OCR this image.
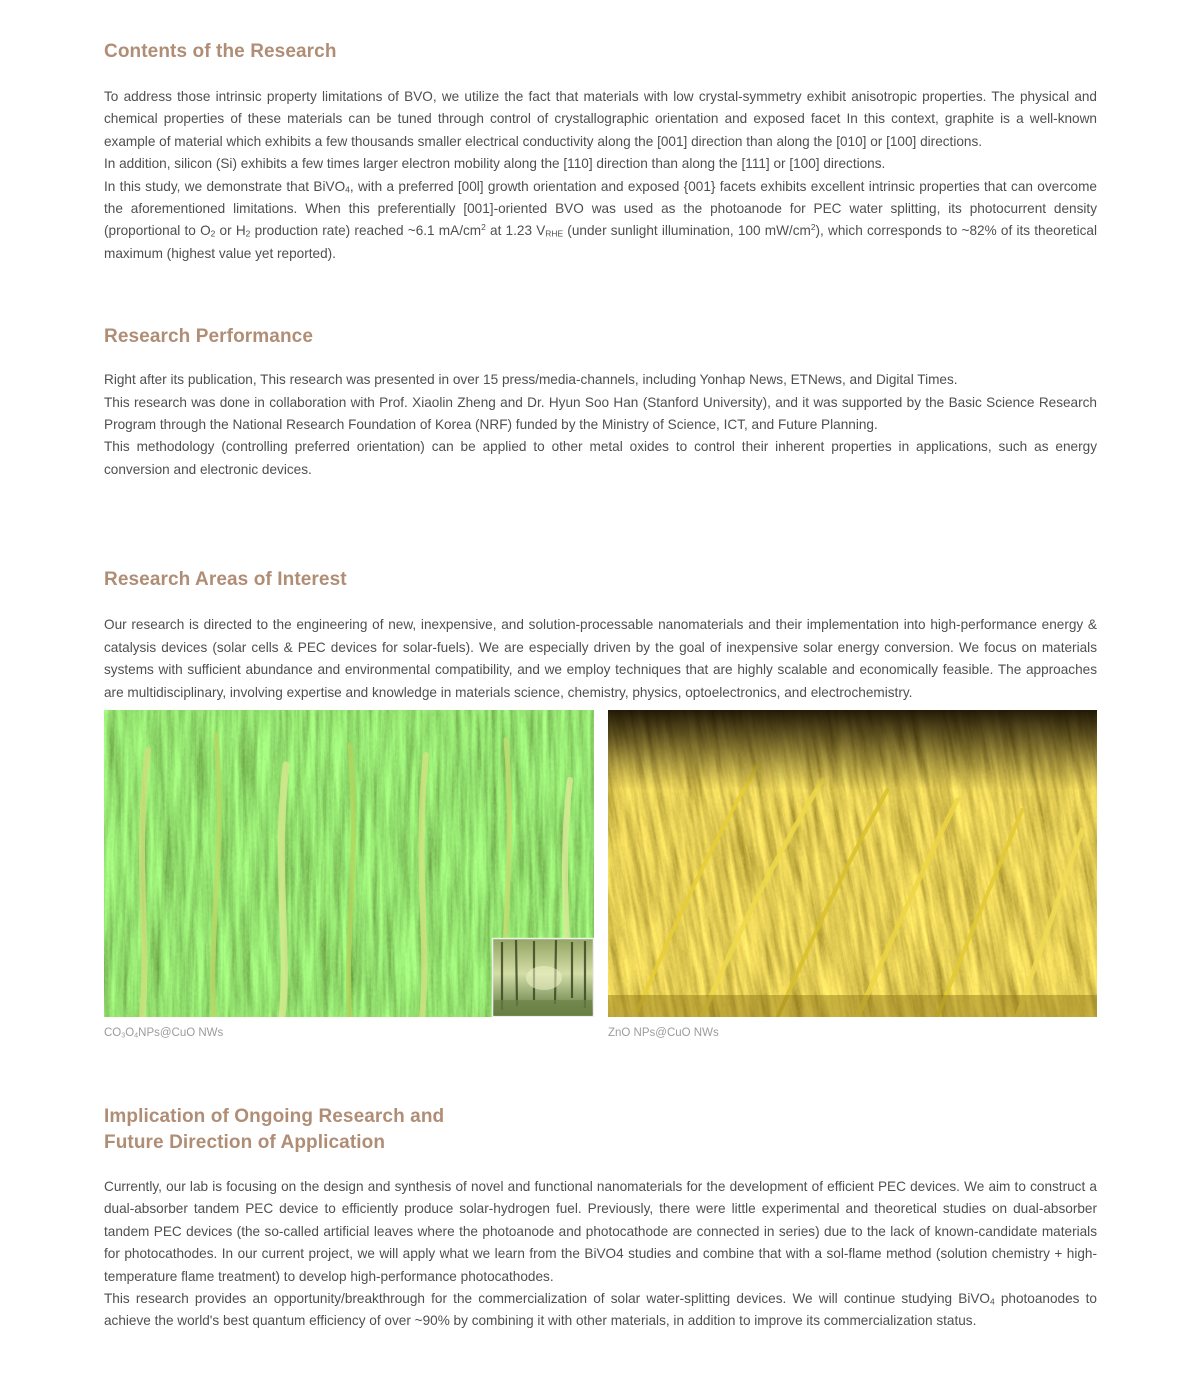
Contents of the Research

To address those intrinsic property limitations of BVO, we utilize the fact that materials with low crystal-symmetry exhibit anisotropic properties. The physical and chemical properties of these materials can be tuned through control of crystallographic orientation and exposed facet In this context, graphite is a well-known example of material which exhibits a few thousands smaller electrical conductivity along the [001] direction than along the [010] or [100] directions.

In addition, silicon (Si) exhibits a few times larger electron mobility along the [110] direction than along the [111] or [100] directions.

In this study, we demonstrate that BiVO$_4$, with a preferred [00l] growth orientation and exposed {001} facets exhibits excellent intrinsic properties that can overcome the aforementioned limitations. When this preferentially [001]-oriented BVO was used as the photoanode for PEC water splitting, its photocurrent density (proportional to $O_2$ or $H_2$ production rate) reached ~6.1 $mA/cm^2$ at 1.23 $V_{RHE}$ (under sunlight illumination, 100 $mW/cm^2$), which corresponds to ~82% of its theoretical maximum (highest value yet reported).

Research Performance

Right after its publication, This research was presented in over 15 press/media-channels, including Yonhap News, ETNews, and Digital Times.

This research was done in collaboration with Prof. Xiaolin Zheng and Dr. Hyun Soo Han (Stanford University), and it was supported by the Basic Science Research Program through the National Research Foundation of Korea (NRF) funded by the Ministry of Science, ICT, and Future Planning.

This methodology (controlling preferred orientation) can be applied to other metal oxides to control their inherent properties in applications, such as energy conversion and electronic devices.

Research Areas of Interest

Our research is directed to the engineering of new, inexpensive, and solution-processable nanomaterials and their implementation into high-performance energy & catalysis devices (solar cells & PEC devices for solar-fuels). We are especially driven by the goal of inexpensive solar energy conversion. We focus on materials systems with sufficient abundance and environmental compatibility, and we employ techniques that are highly scalable and economically feasible. The approaches are multidisciplinary, involving expertise and knowledge in materials science, chemistry, physics, optoelectronics, and electrochemistry.

$CO_3O_4NPs@CuO$ NWs	ZnO NPs@CuO NWs
Implication of Ongoing Research and
Future Direction of Application

Currently, our lab is focusing on the design and synthesis of novel and functional nanomaterials for the development of efficient PEC devices. We aim to construct a dual-absorber tandem PEC device to efficiently produce solar-hydrogen fuel. Previously, there were little experimental and theoretical studies on dual-absorber tandem PEC devices (the so-called artificial leaves where the photoanode and photocathode are connected in series) due to the lack of known-candidate materials for photocathodes. In our current project, we will apply what we learn from the BiVO4 studies and combine that with a sol-flame method (solution chemistry + high-temperature flame treatment) to develop high-performance photocathodes.

This research provides an opportunity/breakthrough for the commercialization of solar water-splitting devices. We will continue studying BiVO$_4$ photoanodes to achieve the world's best quantum efficiency of over ~90% by combining it with other materials, in addition to improve its commercialization status.
